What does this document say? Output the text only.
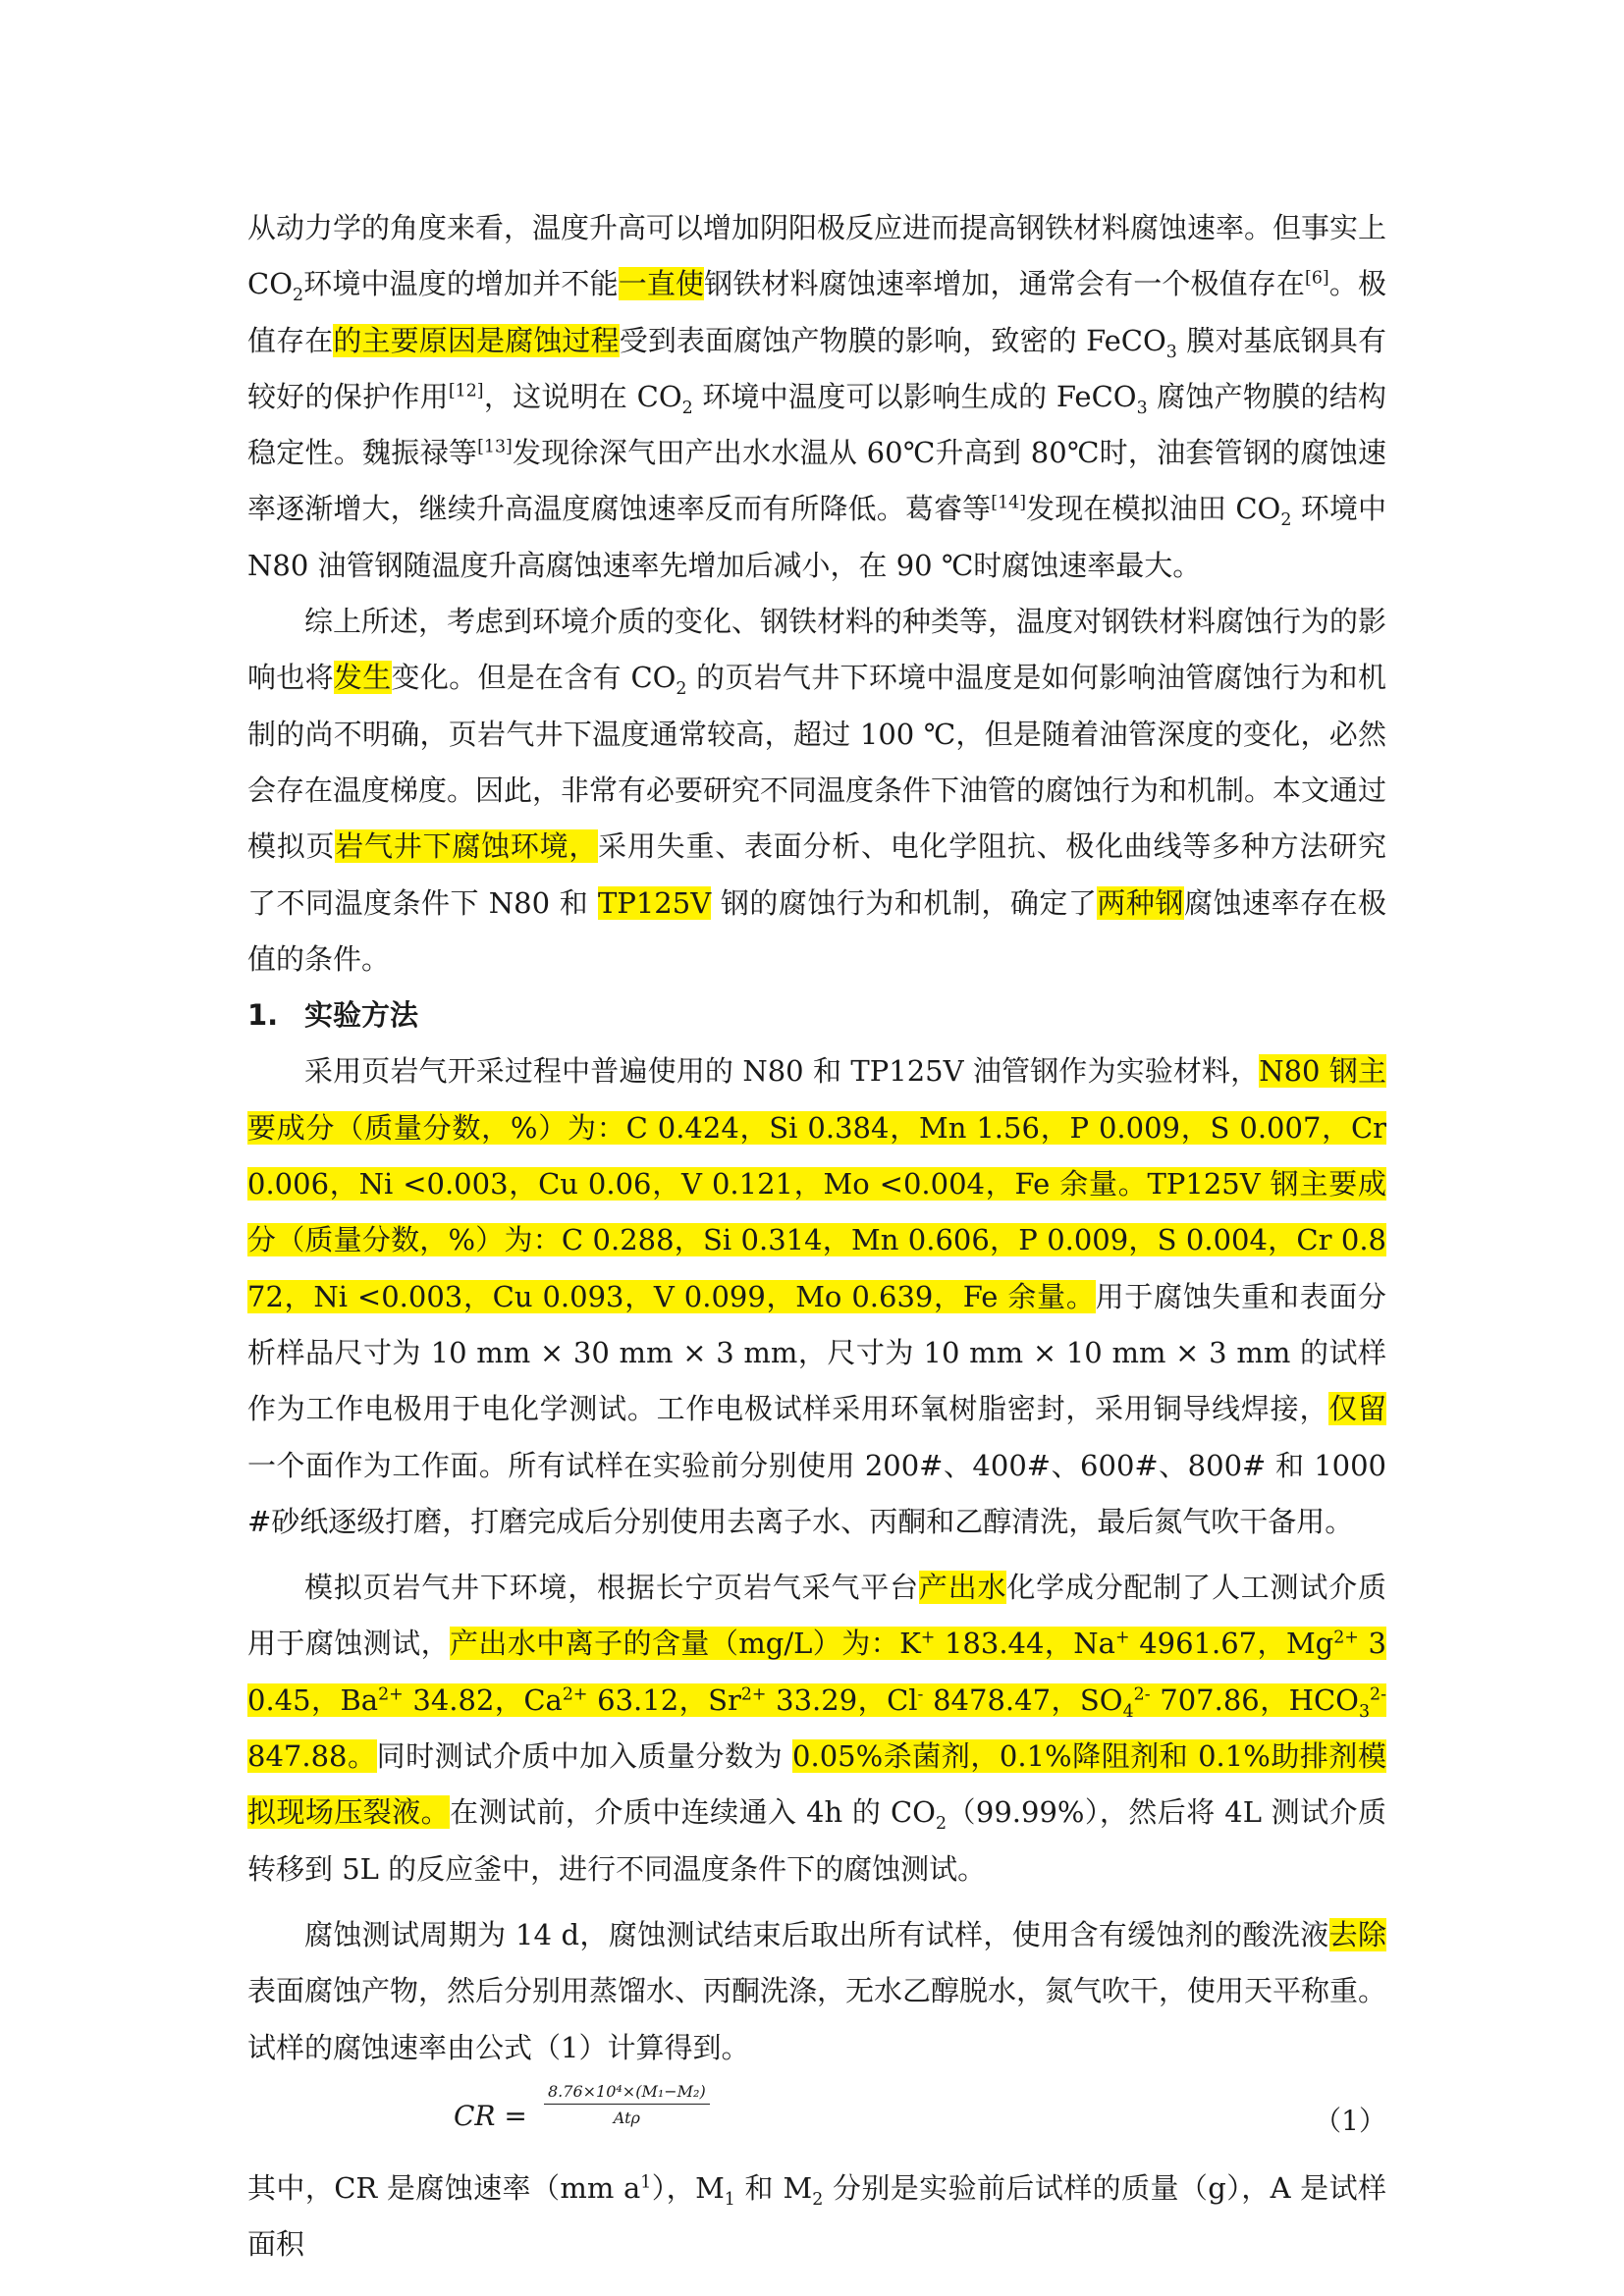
从动力学的角度来看，温度升高可以增加阴阳极反应进而提高钢铁材料腐蚀速率。但事实上$CO_2$环境中温度的增加并不能一直使钢铁材料腐蚀速率增加，通常会有一个极值存在[6]。极值存在的主要原因是腐蚀过程受到表面腐蚀产物膜的影响，致密的 FeCO$_3$ 膜对基底钢具有较好的保护作用[12]，这说明在 $CO_2$ 环境中温度可以影响生成的 FeCO$_3$ 腐蚀产物膜的结构稳定性。魏振禄等[13]发现徐深气田产出水水温从 60℃升高到 80℃时，油套管钢的腐蚀速率逐渐增大，继续升高温度腐蚀速率反而有所降低。葛睿等[14]发现在模拟油田 $CO_2$ 环境中 N80 油管钢随温度升高腐蚀速率先增加后减小，在 90 ℃时腐蚀速率最大。

综上所述，考虑到环境介质的变化、钢铁材料的种类等，温度对钢铁材料腐蚀行为的影响也将发生变化。但是在含有 $CO_2$ 的页岩气井下环境中温度是如何影响油管腐蚀行为和机制的尚不明确，页岩气井下温度通常较高，超过 100 ℃，但是随着油管深度的变化，必然会存在温度梯度。因此，非常有必要研究不同温度条件下油管的腐蚀行为和机制。本文通过模拟页岩气井下腐蚀环境，采用失重、表面分析、电化学阻抗、极化曲线等多种方法研究了不同温度条件下 N80 和 TP125V 钢的腐蚀行为和机制，确定了两种钢腐蚀速率存在极值的条件。

1. 实验方法

采用页岩气开采过程中普遍使用的 N80 和 TP125V 油管钢作为实验材料，N80 钢主要成分（质量分数，%）为：C 0.424，Si 0.384，Mn 1.56，P 0.009，S 0.007，Cr 0.006，Ni <0.003，Cu 0.06，V 0.121，Mo <0.004，Fe 余量。TP125V 钢主要成分（质量分数，%）为：C 0.288，Si 0.314，Mn 0.606，P 0.009，S 0.004，Cr 0.872，Ni <0.003，Cu 0.093，V 0.099，Mo 0.639，Fe 余量。用于腐蚀失重和表面分析样品尺寸为 10 mm × 30 mm × 3 mm，尺寸为 10 mm × 10 mm × 3 mm 的试样作为工作电极用于电化学测试。工作电极试样采用环氧树脂密封，采用铜导线焊接，仅留一个面作为工作面。所有试样在实验前分别使用 200#、400#、600#、800# 和 1000#砂纸逐级打磨，打磨完成后分别使用去离子水、丙酮和乙醇清洗，最后氮气吹干备用。

模拟页岩气井下环境，根据长宁页岩气采气平台产出水化学成分配制了人工测试介质用于腐蚀测试，产出水中离子的含量（mg/L）为：K+ 183.44，Na+ 4961.67，$Mg^{2+}$ 30.45，$Ba^{2+}$ 34.82，$Ca^{2+}$ 63.12，$Sr^{2+}$ 33.29，Cl- 8478.47，$SO_4^{2-}$ 707.86，$HCO_3^{2-}847.88$。同时测试介质中加入质量分数为 0.05%杀菌剂，0.1%降阻剂和 0.1%助排剂模拟现场压裂液。在测试前，介质中连续通入 4h 的 $CO_2(99.99\%)$，然后将 4L 测试介质转移到 5L 的反应釜中，进行不同温度条件下的腐蚀测试。

腐蚀测试周期为 14 d，腐蚀测试结束后取出所有试样，使用含有缓蚀剂的酸洗液去除表面腐蚀产物，然后分别用蒸馏水、丙酮洗涤，无水乙醇脱水，氮气吹干，使用天平称重。试样的腐蚀速率由公式（1）计算得到。

CR =
8.76×10⁴×(M₁−M₂)
Atρ	（1）

其中，CR 是腐蚀速率（mm $a^1$），$M_1$ 和 $M_2$ 分别是实验前后试样的质量（g），A 是试样面积
